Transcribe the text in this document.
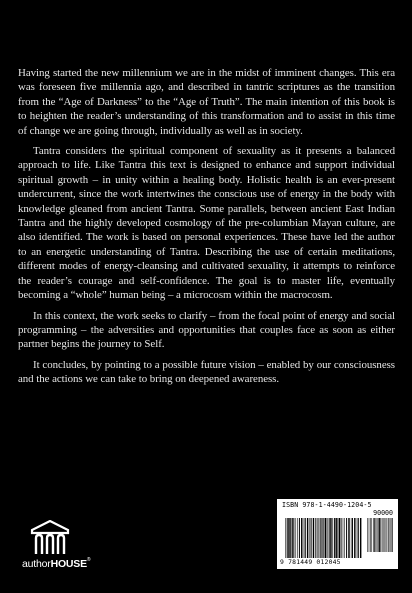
Having started the new millennium we are in the midst of imminent changes. This era was foreseen five millennia ago, and described in tantric scriptures as the transition from the “Age of Darkness” to the “Age of Truth”. The main intention of this book is to heighten the reader’s understanding of this transformation and to assist in this time of change we are going through, individually as well as in society.

Tantra considers the spiritual component of sexuality as it presents a balanced approach to life. Like Tantra this text is designed to enhance and support individual spiritual growth – in unity within a healing body. Holistic health is an ever-present undercurrent, since the work intertwines the conscious use of energy in the body with knowledge gleaned from ancient Tantra. Some parallels, between ancient East Indian Tantra and the highly developed cosmology of the pre-columbian Mayan culture, are also identified. The work is based on personal experiences. These have led the author to an energetic understanding of Tantra. Describing the use of certain meditations, different modes of energy-cleansing and cultivated sexuality, it attempts to reinforce the reader’s courage and self-confidence. The goal is to master life, eventually becoming a “whole” human being – a microcosm within the macrocosm.

In this context, the work seeks to clarify – from the focal point of energy and social programming – the adversities and opportunities that couples face as soon as either partner begins the journey to Self.

It concludes, by pointing to a possible future vision – enabled by our consciousness and the actions we can take to bring on deepened awareness.

authorHOUSE®
ISBN 978-1-4490-1204-5
90000
9 781449 012045
